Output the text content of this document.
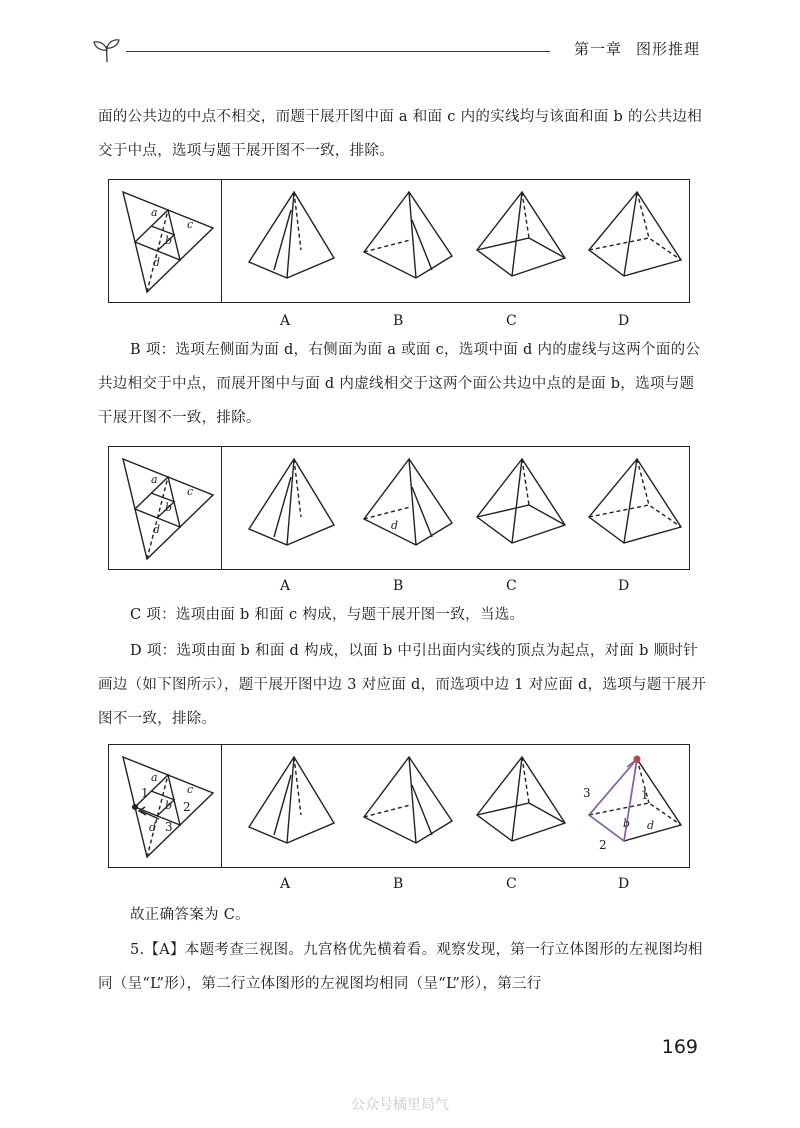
第一章 图形推理
面的公共边的中点不相交，而题干展开图中面 a 和面 c 内的实线均与该面和面 b 的公共边相交于中点，选项与题干展开图不一致，排除。
a
c
b
d
A	B	C	D
B 项：选项左侧面为面 d，右侧面为面 a 或面 c，选项中面 d 内的虚线与这两个面的公共边相交于中点，而展开图中与面 d 内虚线相交于这两个面公共边中点的是面 b，选项与题干展开图不一致，排除。
a
c
b
d	d
A	B	C	D
C 项：选项由面 b 和面 c 构成，与题干展开图一致，当选。
D 项：选项由面 b 和面 d 构成，以面 b 中引出面内实线的顶点为起点，对面 b 顺时针画边（如下图所示），题干展开图中边 3 对应面 d，而选项中边 1 对应面 d，选项与题干展开图不一致，排除。
a
c
b
d
1
2
3
3	1
2
b d
A	B	C	D
故正确答案为 C。
5.【A】本题考查三视图。九宫格优先横着看。观察发现，第一行立体图形的左视图均相同（呈“L”形），第二行立体图形的左视图均相同（呈“L”形），第三行
169
公众号橘里局气
